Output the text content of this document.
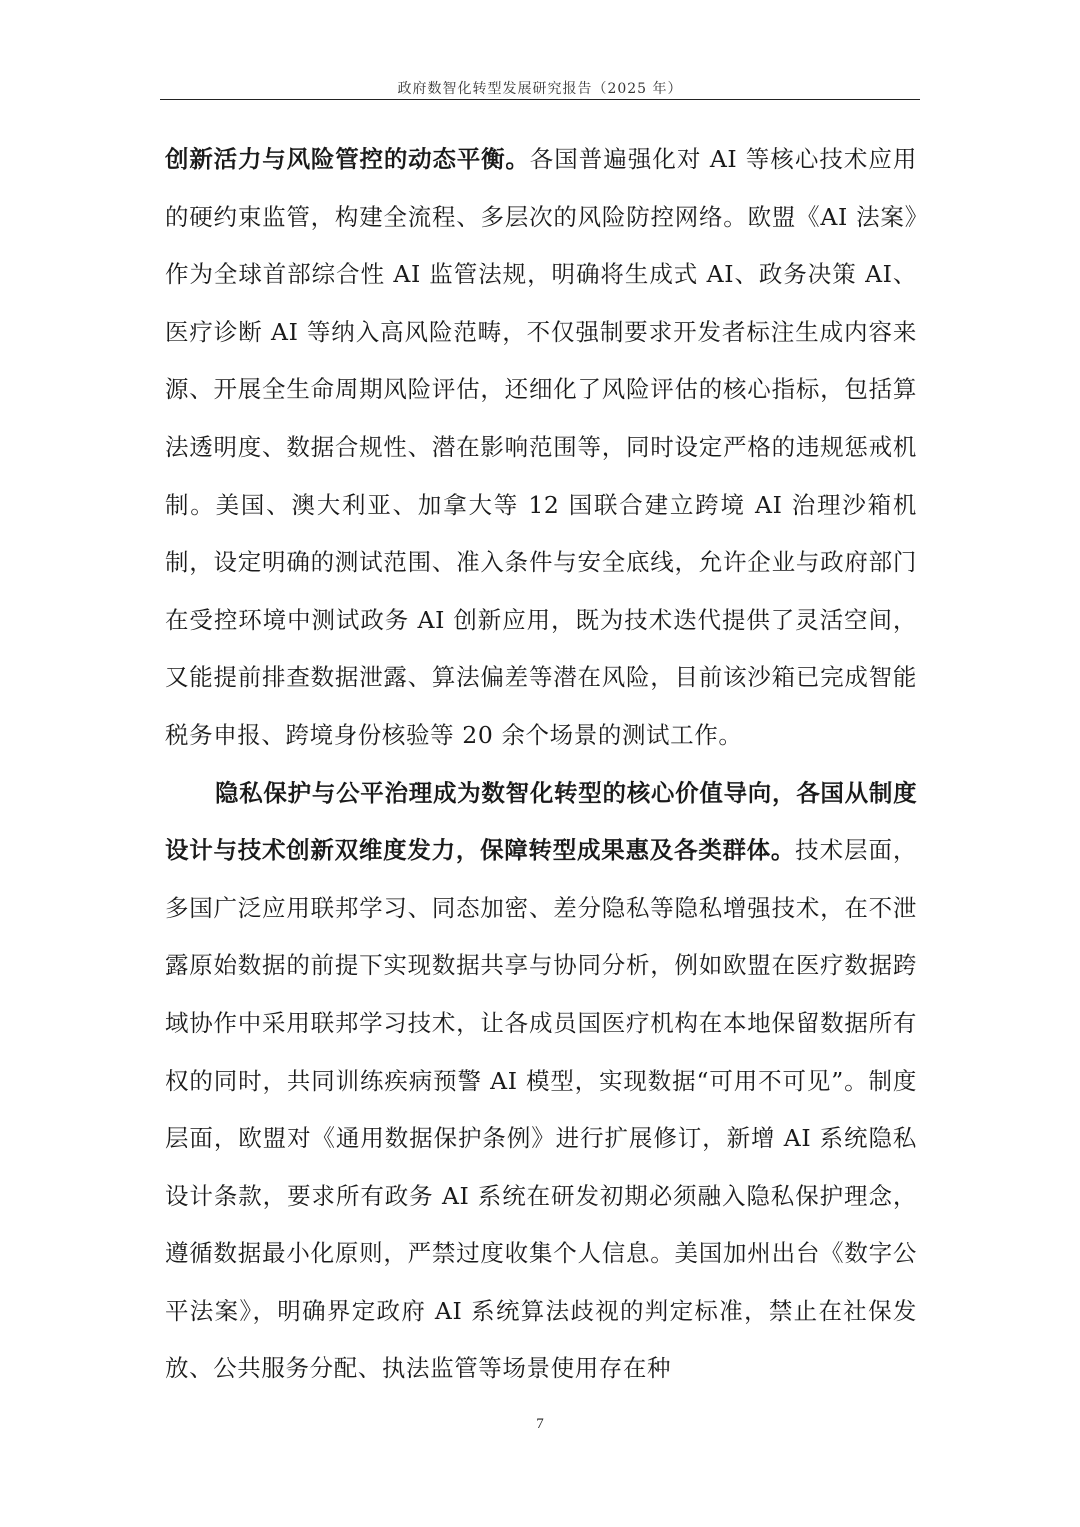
政府数智化转型发展研究报告（2025 年）

创新活力与风险管控的动态平衡。各国普遍强化对 AI 等核心技术应用的硬约束监管，构建全流程、多层次的风险防控网络。欧盟《AI 法案》作为全球首部综合性 AI 监管法规，明确将生成式 AI、政务决策 AI、医疗诊断 AI 等纳入高风险范畴，不仅强制要求开发者标注生成内容来源、开展全生命周期风险评估，还细化了风险评估的核心指标，包括算法透明度、数据合规性、潜在影响范围等，同时设定严格的违规惩戒机制。美国、澳大利亚、加拿大等 12 国联合建立跨境 AI 治理沙箱机制，设定明确的测试范围、准入条件与安全底线，允许企业与政府部门在受控环境中测试政务 AI 创新应用，既为技术迭代提供了灵活空间，又能提前排查数据泄露、算法偏差等潜在风险，目前该沙箱已完成智能税务申报、跨境身份核验等 20 余个场景的测试工作。

隐私保护与公平治理成为数智化转型的核心价值导向，各国从制度设计与技术创新双维度发力，保障转型成果惠及各类群体。技术层面，多国广泛应用联邦学习、同态加密、差分隐私等隐私增强技术，在不泄露原始数据的前提下实现数据共享与协同分析，例如欧盟在医疗数据跨域协作中采用联邦学习技术，让各成员国医疗机构在本地保留数据所有权的同时，共同训练疾病预警 AI 模型，实现数据“可用不可见”。制度层面，欧盟对《通用数据保护条例》进行扩展修订，新增 AI 系统隐私设计条款，要求所有政务 AI 系统在研发初期必须融入隐私保护理念，遵循数据最小化原则，严禁过度收集个人信息。美国加州出台《数字公平法案》，明确界定政府 AI 系统算法歧视的判定标准，禁止在社保发放、公共服务分配、执法监管等场景使用存在种

7
